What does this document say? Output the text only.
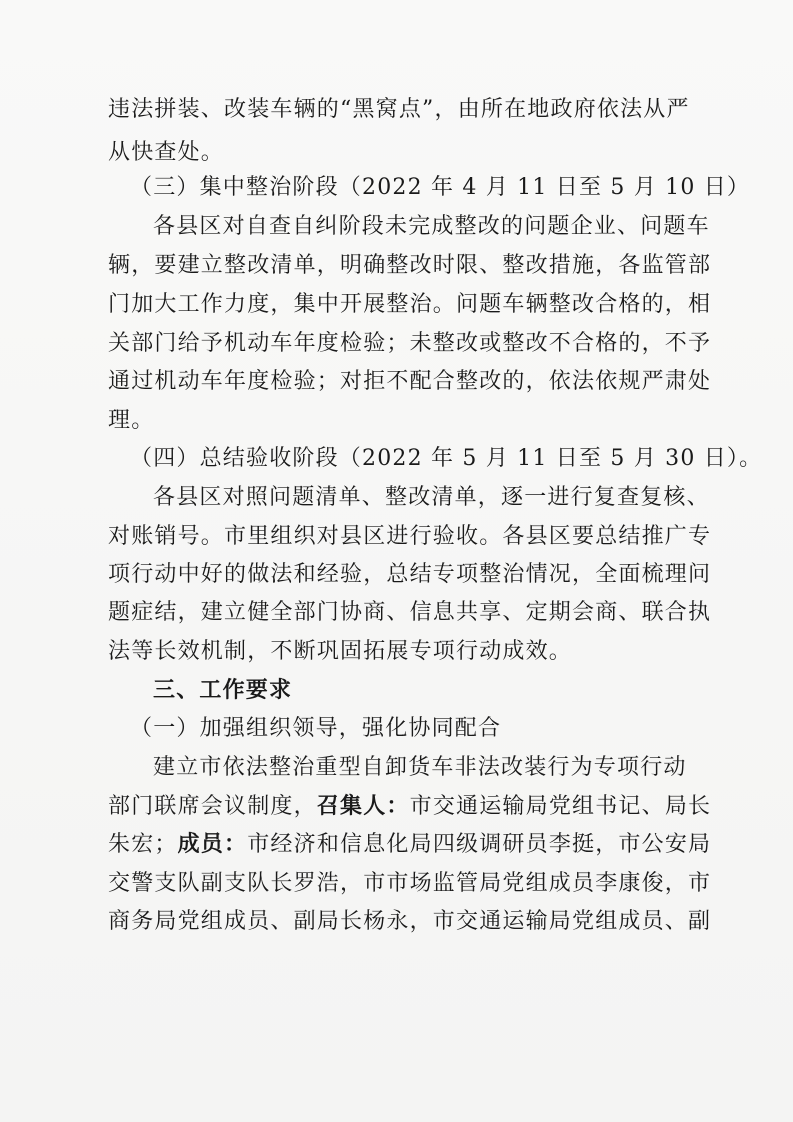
违法拼装、改装车辆的“黑窝点”，由所在地政府依法从严
从快查处。
（三）集中整治阶段（2022 年 4 月 11 日至 5 月 10 日）
各县区对自查自纠阶段未完成整改的问题企业、问题车
辆，要建立整改清单，明确整改时限、整改措施，各监管部
门加大工作力度，集中开展整治。问题车辆整改合格的，相
关部门给予机动车年度检验；未整改或整改不合格的，不予
通过机动车年度检验；对拒不配合整改的，依法依规严肃处
理。
（四）总结验收阶段（2022 年 5 月 11 日至 5 月 30 日）。
各县区对照问题清单、整改清单，逐一进行复查复核、
对账销号。市里组织对县区进行验收。各县区要总结推广专
项行动中好的做法和经验，总结专项整治情况，全面梳理问
题症结，建立健全部门协商、信息共享、定期会商、联合执
法等长效机制，不断巩固拓展专项行动成效。
三、工作要求
（一）加强组织领导，强化协同配合
建立市依法整治重型自卸货车非法改装行为专项行动
部门联席会议制度，召集人：市交通运输局党组书记、局长
朱宏；成员：市经济和信息化局四级调研员李挺，市公安局
交警支队副支队长罗浩，市市场监管局党组成员李康俊，市
商务局党组成员、副局长杨永，市交通运输局党组成员、副
